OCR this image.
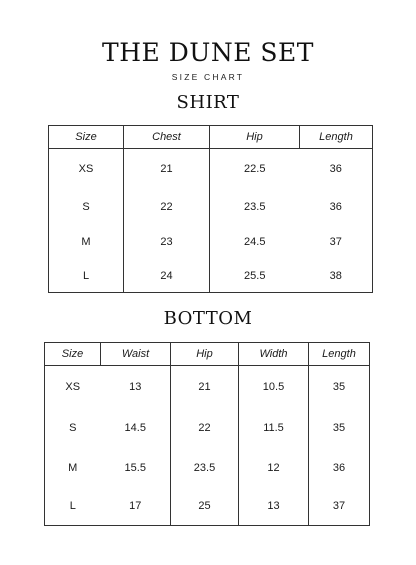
THE DUNE SET
SIZE CHART
SHIRT
Size	Chest	Hip	Length
XS	21	22.5	36
S	22	23.5	36
M	23	24.5	37
L	24	25.5	38
BOTTOM
Size	Waist	Hip	Width	Length
XS	13	21	10.5	35
S	14.5	22	11.5	35
M	15.5	23.5	12	36
L	17	25	13	37
